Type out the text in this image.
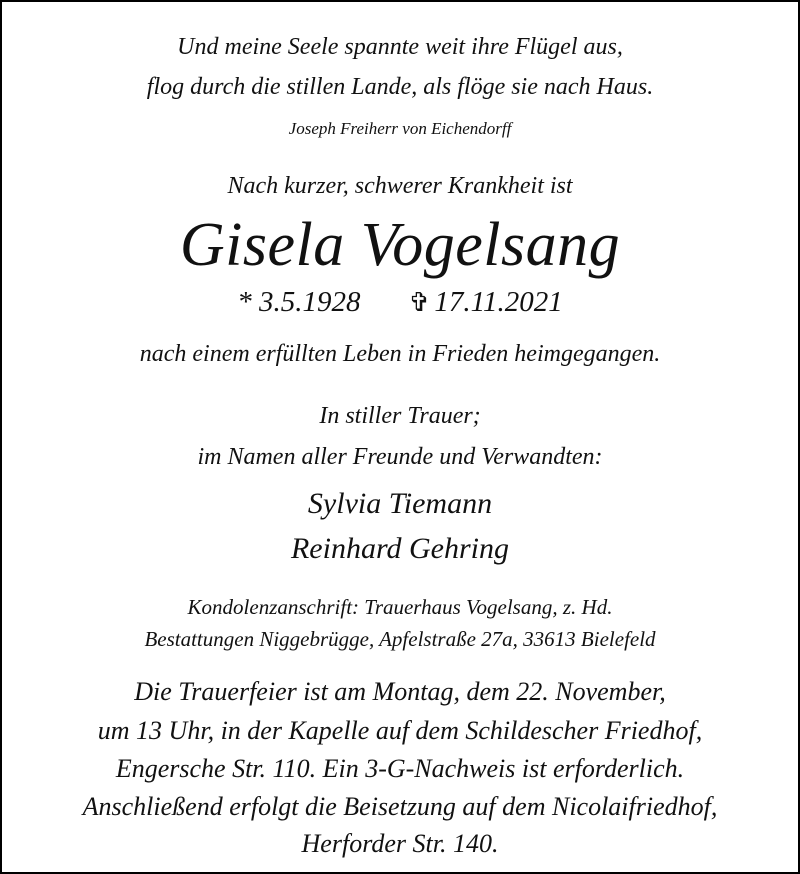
Und meine Seele spannte weit ihre Flügel aus,
flog durch die stillen Lande, als flöge sie nach Haus.
Joseph Freiherr von Eichendorff
Nach kurzer, schwerer Krankheit ist
Gisela Vogelsang
* 3.5.1928 ✞ 17.11.2021
nach einem erfüllten Leben in Frieden heimgegangen.
In stiller Trauer;
im Namen aller Freunde und Verwandten:
Sylvia Tiemann
Reinhard Gehring
Kondolenzanschrift: Trauerhaus Vogelsang, z. Hd.
Bestattungen Niggebrügge, Apfelstraße 27a, 33613 Bielefeld
Die Trauerfeier ist am Montag, dem 22. November,
um 13 Uhr, in der Kapelle auf dem Schildescher Friedhof,
Engersche Str. 110. Ein 3-G-Nachweis ist erforderlich.
Anschließend erfolgt die Beisetzung auf dem Nicolaifriedhof,
Herforder Str. 140.
